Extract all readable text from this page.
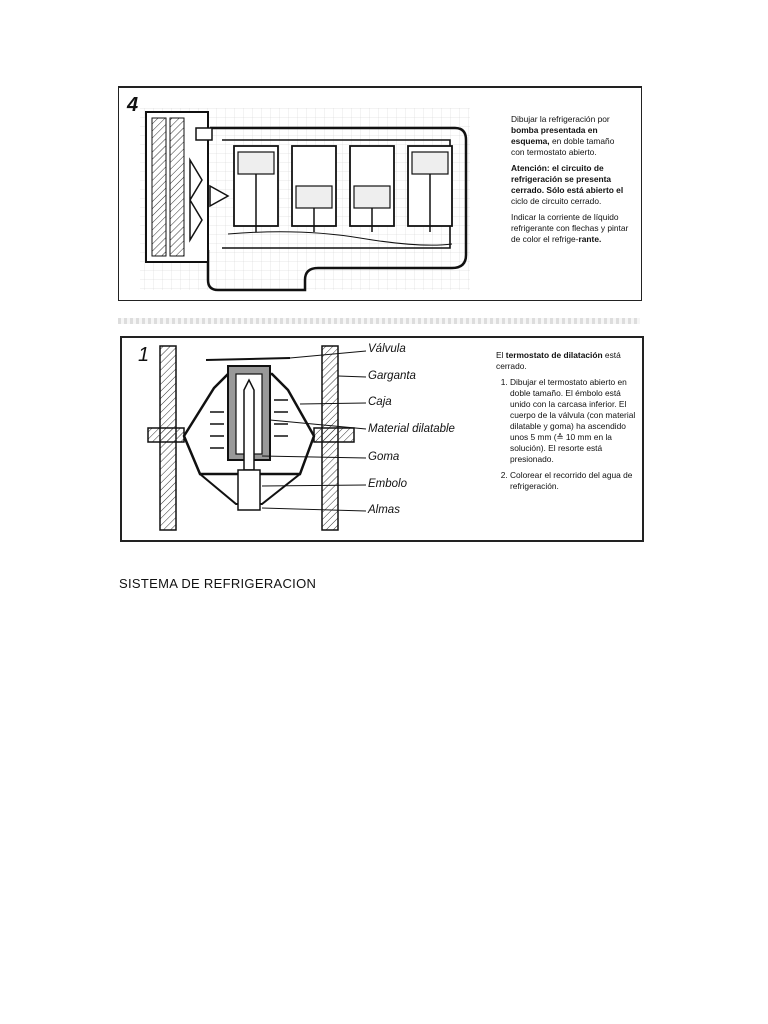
4

Dibujar la refrigeración por bomba presentada en esquema, en doble tamaño con termostato abierto.

Atención: el circuito de refrigeración se presenta cerrado. Sólo está abierto el ciclo de circuito cerrado.

Indicar la corriente de líquido refrigerante con flechas y pintar de color el refrige-rante.

1	El termostato de dilatación está cerrado.

1. Dibujar el termostato abierto en doble tamaño. El émbolo está unido con la carcasa inferior. El cuerpo de la válvula (con material dilatable y goma) ha ascendido unos 5 mm (≙ 10 mm en la solución). El resorte está presionado.
2. Colorear el recorrido del agua de refrigeración.
Válvula
Garganta
Caja
Material dilatable
Goma
Embolo
Almas
SISTEMA DE REFRIGERACION
